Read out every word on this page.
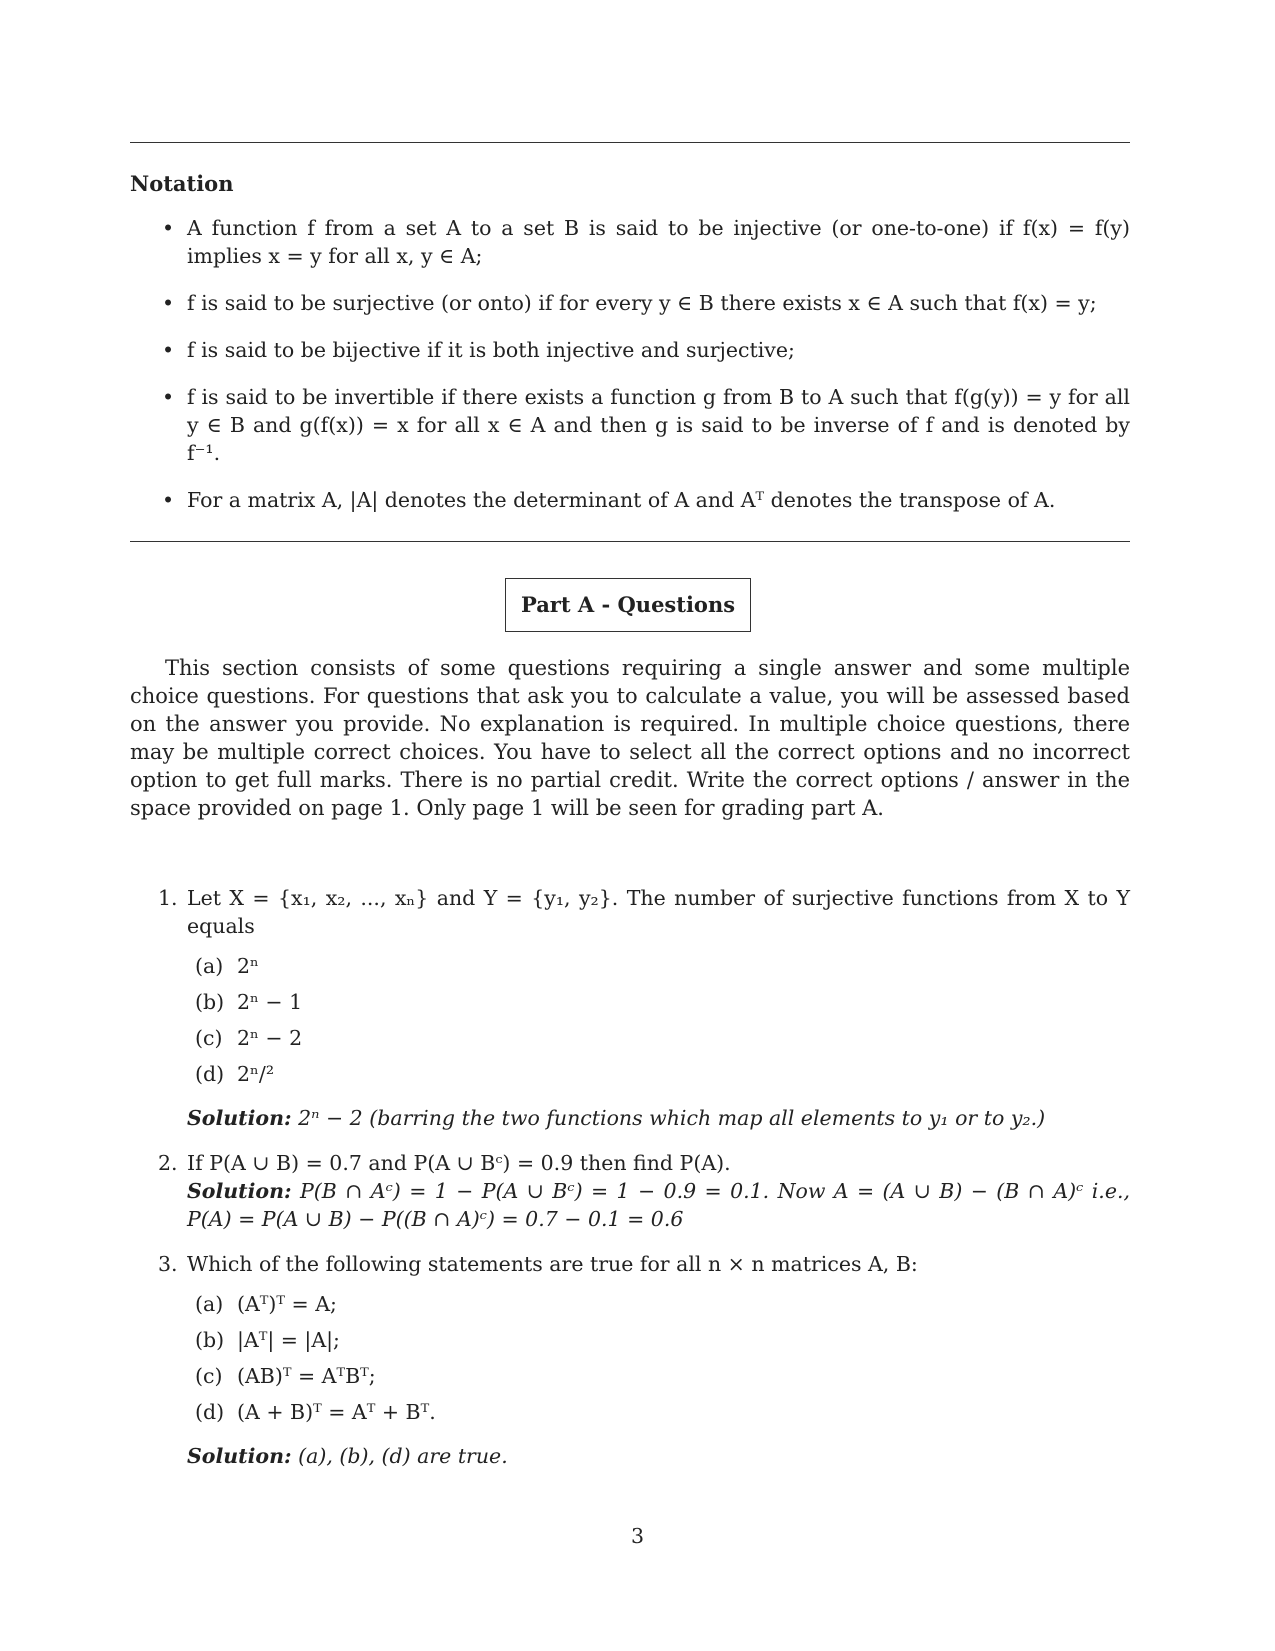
Notation
• A function f from a set A to a set B is said to be injective (or one-to-one) if f(x) = f(y) implies x = y for all x, y ∈ A;
• f is said to be surjective (or onto) if for every y ∈ B there exists x ∈ A such that f(x) = y;
• f is said to be bijective if it is both injective and surjective;
• f is said to be invertible if there exists a function g from B to A such that f(g(y)) = y for all y ∈ B and g(f(x)) = x for all x ∈ A and then g is said to be inverse of f and is denoted by f⁻¹.
• For a matrix A, |A| denotes the determinant of A and Aᵀ denotes the transpose of A.
Part A - Questions

This section consists of some questions requiring a single answer and some multiple choice questions. For questions that ask you to calculate a value, you will be assessed based on the answer you provide. No explanation is required. In multiple choice questions, there may be multiple correct choices. You have to select all the correct options and no incorrect option to get full marks. There is no partial credit. Write the correct options / answer in the space provided on page 1. Only page 1 will be seen for grading part A.

1. Let X = {x₁, x₂, ..., xₙ} and Y = {y₁, y₂}. The number of surjective functions from X to Y equals
(a) 2ⁿ
(b) 2ⁿ − 1
(c) 2ⁿ − 2
(d) 2ⁿ/²
Solution: 2ⁿ − 2 (barring the two functions which map all elements to y₁ or to y₂.)
2. If P(A ∪ B) = 0.7 and P(A ∪ Bᶜ) = 0.9 then find P(A).
Solution: P(B ∩ Aᶜ) = 1 − P(A ∪ Bᶜ) = 1 − 0.9 = 0.1. Now A = (A ∪ B) − (B ∩ A)ᶜ i.e., P(A) = P(A ∪ B) − P((B ∩ A)ᶜ) = 0.7 − 0.1 = 0.6
3. Which of the following statements are true for all n × n matrices A, B:
(a) (Aᵀ)ᵀ = A;
(b) |Aᵀ| = |A|;
(c) (AB)ᵀ = AᵀBᵀ;
(d) (A + B)ᵀ = Aᵀ + Bᵀ.
Solution: (a), (b), (d) are true.
3
